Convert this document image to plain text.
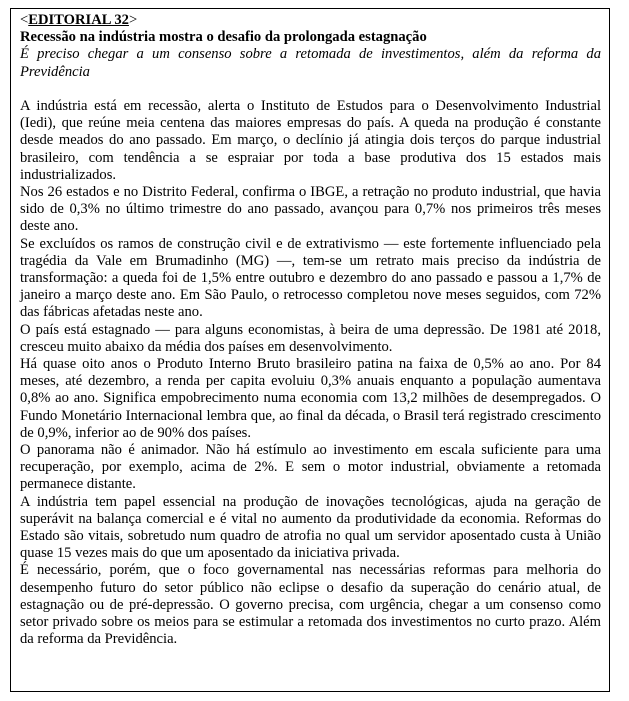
<EDITORIAL 32>
Recessão na indústria mostra o desafio da prolongada estagnação
É preciso chegar a um consenso sobre a retomada de investimentos, além da reforma da Previdência

A indústria está em recessão, alerta o Instituto de Estudos para o Desenvolvimento Industrial (Iedi), que reúne meia centena das maiores empresas do país. A queda na produção é constante desde meados do ano passado. Em março, o declínio já atingia dois terços do parque industrial brasileiro, com tendência a se espraiar por toda a base produtiva dos 15 estados mais industrializados.

Nos 26 estados e no Distrito Federal, confirma o IBGE, a retração no produto industrial, que havia sido de 0,3% no último trimestre do ano passado, avançou para 0,7% nos primeiros três meses deste ano.

Se excluídos os ramos de construção civil e de extrativismo — este fortemente influenciado pela tragédia da Vale em Brumadinho (MG) —, tem-se um retrato mais preciso da indústria de transformação: a queda foi de 1,5% entre outubro e dezembro do ano passado e passou a 1,7% de janeiro a março deste ano. Em São Paulo, o retrocesso completou nove meses seguidos, com 72% das fábricas afetadas neste ano.

O país está estagnado — para alguns economistas, à beira de uma depressão. De 1981 até 2018, cresceu muito abaixo da média dos países em desenvolvimento.

Há quase oito anos o Produto Interno Bruto brasileiro patina na faixa de 0,5% ao ano. Por 84 meses, até dezembro, a renda per capita evoluiu 0,3% anuais enquanto a população aumentava 0,8% ao ano. Significa empobrecimento numa economia com 13,2 milhões de desempregados. O Fundo Monetário Internacional lembra que, ao final da década, o Brasil terá registrado crescimento de 0,9%, inferior ao de 90% dos países.

O panorama não é animador. Não há estímulo ao investimento em escala suficiente para uma recuperação, por exemplo, acima de 2%. E sem o motor industrial, obviamente a retomada permanece distante.

A indústria tem papel essencial na produção de inovações tecnológicas, ajuda na geração de superávit na balança comercial e é vital no aumento da produtividade da economia. Reformas do Estado são vitais, sobretudo num quadro de atrofia no qual um servidor aposentado custa à União quase 15 vezes mais do que um aposentado da iniciativa privada.

É necessário, porém, que o foco governamental nas necessárias reformas para melhoria do desempenho futuro do setor público não eclipse o desafio da superação do cenário atual, de estagnação ou de pré-depressão. O governo precisa, com urgência, chegar a um consenso como setor privado sobre os meios para se estimular a retomada dos investimentos no curto prazo. Além da reforma da Previdência.
